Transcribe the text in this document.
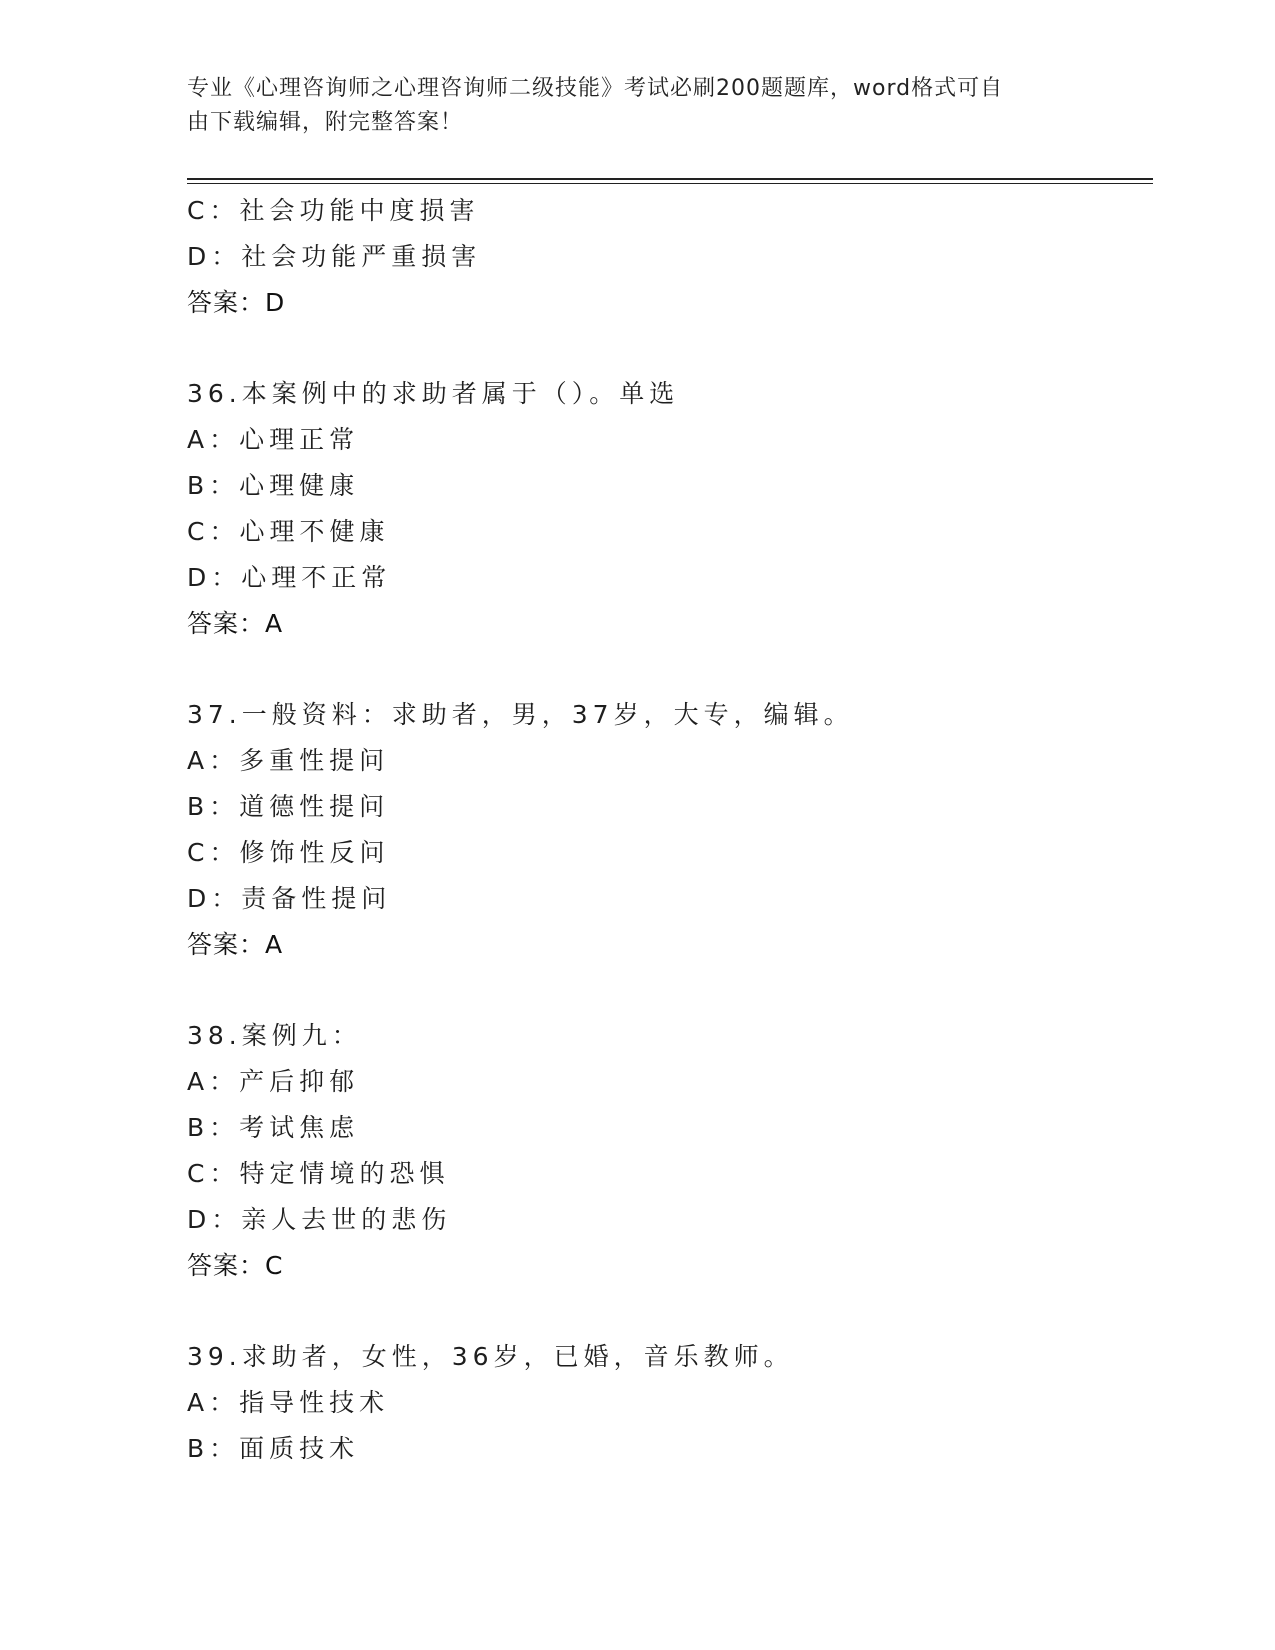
专业《心理咨询师之心理咨询师二级技能》考试必刷200题题库，word格式可自
由下载编辑，附完整答案！
C：社会功能中度损害
D：社会功能严重损害
答案：D
36.本案例中的求助者属于（）。单选
A：心理正常
B：心理健康
C：心理不健康
D：心理不正常
答案：A
37.一般资料：求助者，男，37岁，大专，编辑。
A：多重性提问
B：道德性提问
C：修饰性反问
D：责备性提问
答案：A
38.案例九：
A：产后抑郁
B：考试焦虑
C：特定情境的恐惧
D：亲人去世的悲伤
答案：C
39.求助者，女性，36岁，已婚，音乐教师。
A：指导性技术
B：面质技术
